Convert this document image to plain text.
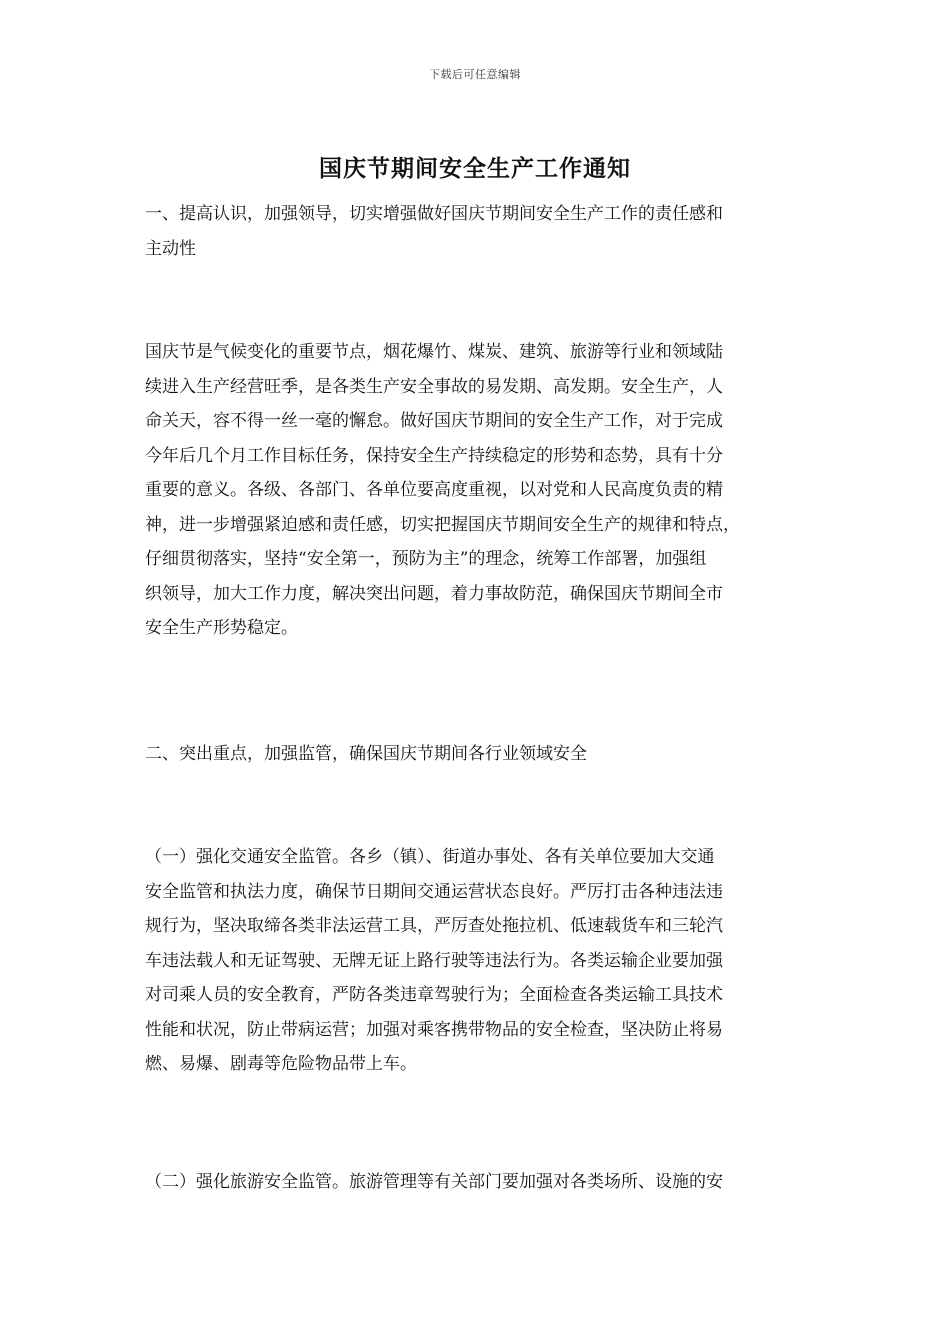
下载后可任意编辑
国庆节期间安全生产工作通知

一、提高认识，加强领导，切实增强做好国庆节期间安全生产工作的责任感和
主动性

国庆节是气候变化的重要节点，烟花爆竹、煤炭、建筑、旅游等行业和领域陆
续进入生产经营旺季，是各类生产安全事故的易发期、高发期。安全生产，人
命关天，容不得一丝一毫的懈怠。做好国庆节期间的安全生产工作，对于完成
今年后几个月工作目标任务，保持安全生产持续稳定的形势和态势，具有十分
重要的意义。各级、各部门、各单位要高度重视，以对党和人民高度负责的精
神，进一步增强紧迫感和责任感，切实把握国庆节期间安全生产的规律和特点，
仔细贯彻落实，坚持“安全第一，预防为主”的理念，统筹工作部署，加强组
织领导，加大工作力度，解决突出问题，着力事故防范，确保国庆节期间全市
安全生产形势稳定。

二、突出重点，加强监管，确保国庆节期间各行业领域安全

（一）强化交通安全监管。各乡（镇）、街道办事处、各有关单位要加大交通
安全监管和执法力度，确保节日期间交通运营状态良好。严厉打击各种违法违
规行为，坚决取缔各类非法运营工具，严厉查处拖拉机、低速载货车和三轮汽
车违法载人和无证驾驶、无牌无证上路行驶等违法行为。各类运输企业要加强
对司乘人员的安全教育，严防各类违章驾驶行为；全面检查各类运输工具技术
性能和状况，防止带病运营；加强对乘客携带物品的安全检查，坚决防止将易
燃、易爆、剧毒等危险物品带上车。

（二）强化旅游安全监管。旅游管理等有关部门要加强对各类场所、设施的安
